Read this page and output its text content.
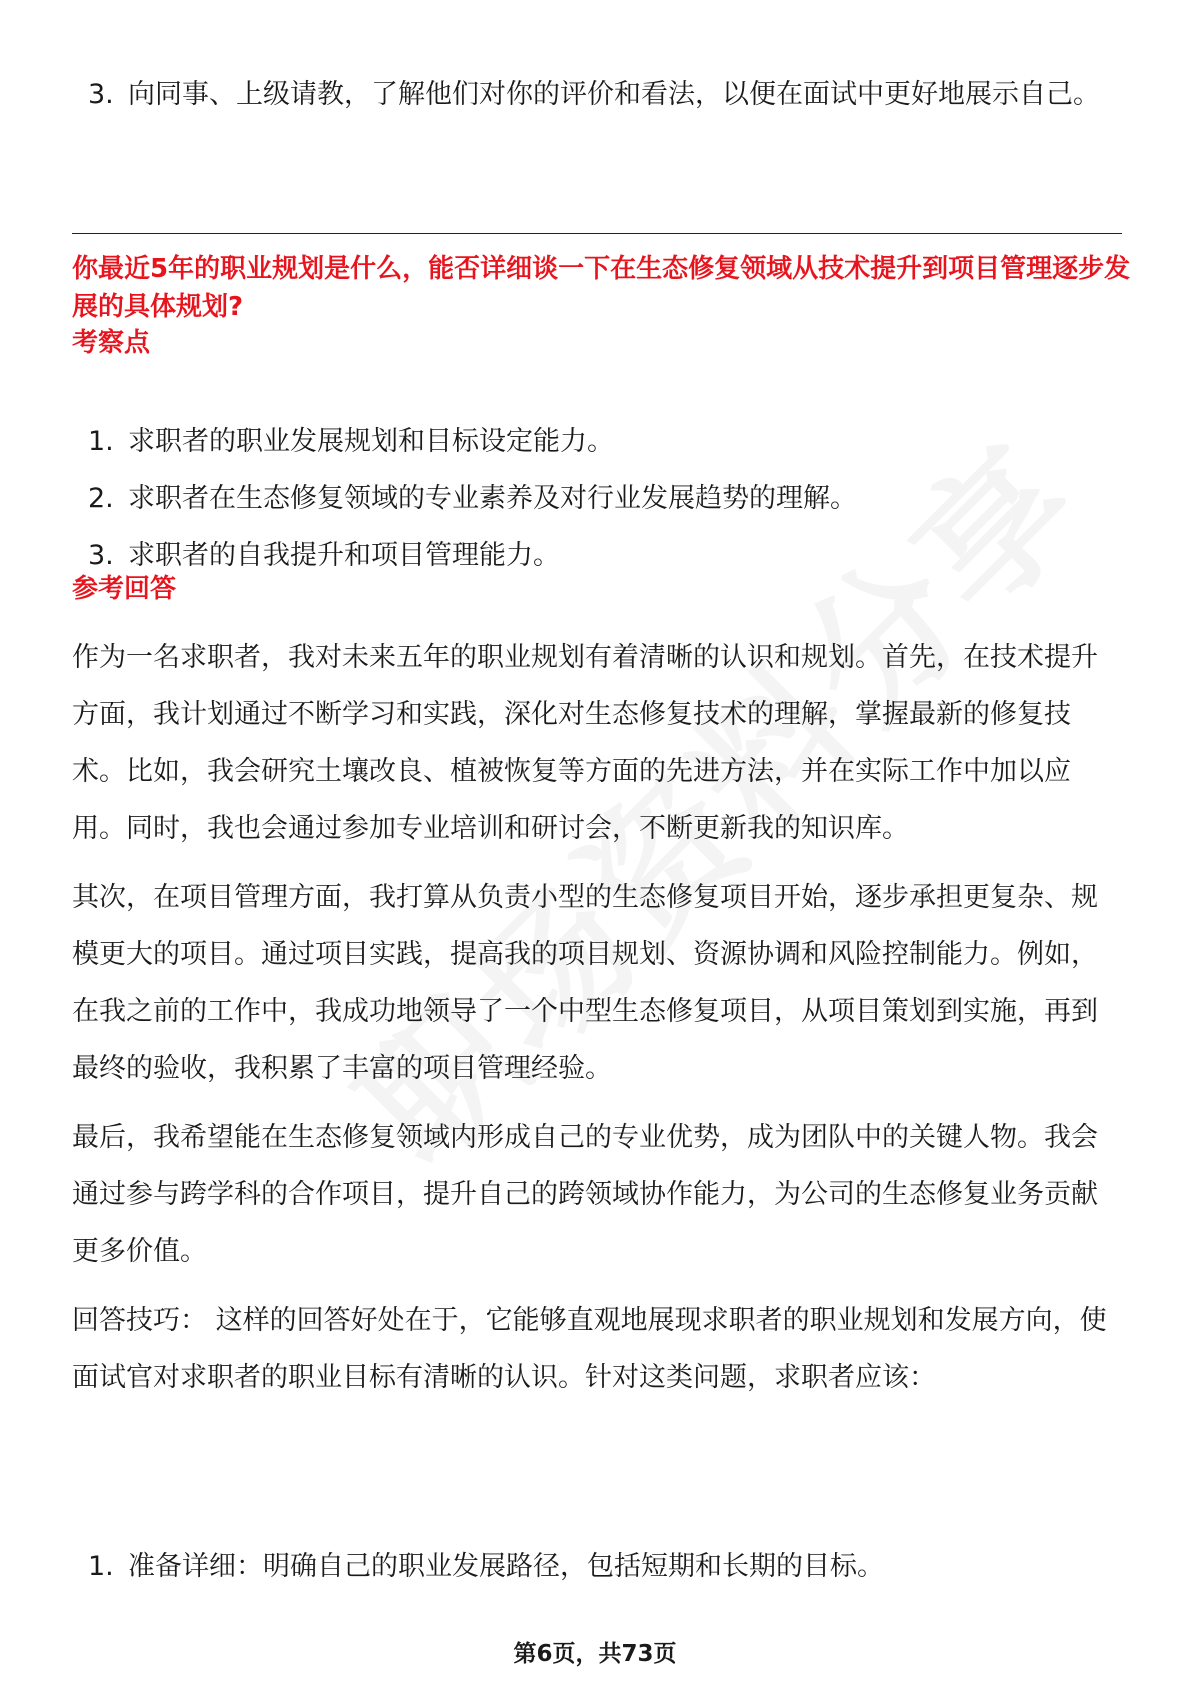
3. 向同事、上级请教，了解他们对你的评价和看法，以便在面试中更好地展示自己。
你最近5年的职业规划是什么，能否详细谈一下在生态修复领域从技术提升到项目管理逐步发展的具体规划?
考察点
1. 求职者的职业发展规划和目标设定能力。
2. 求职者在生态修复领域的专业素养及对行业发展趋势的理解。
3. 求职者的自我提升和项目管理能力。
参考回答
作为一名求职者，我对未来五年的职业规划有着清晰的认识和规划。首先，在技术提升方面，我计划通过不断学习和实践，深化对生态修复技术的理解，掌握最新的修复技术。比如，我会研究土壤改良、植被恢复等方面的先进方法，并在实际工作中加以应用。同时，我也会通过参加专业培训和研讨会，不断更新我的知识库。
其次，在项目管理方面，我打算从负责小型的生态修复项目开始，逐步承担更复杂、规模更大的项目。通过项目实践，提高我的项目规划、资源协调和风险控制能力。例如，在我之前的工作中，我成功地领导了一个中型生态修复项目，从项目策划到实施，再到最终的验收，我积累了丰富的项目管理经验。
最后，我希望能在生态修复领域内形成自己的专业优势，成为团队中的关键人物。我会通过参与跨学科的合作项目，提升自己的跨领域协作能力，为公司的生态修复业务贡献更多价值。
回答技巧： 这样的回答好处在于，它能够直观地展现求职者的职业规划和发展方向，使面试官对求职者的职业目标有清晰的认识。针对这类问题，求职者应该：
1. 准备详细：明确自己的职业发展路径，包括短期和长期的目标。
第6页，共73页
